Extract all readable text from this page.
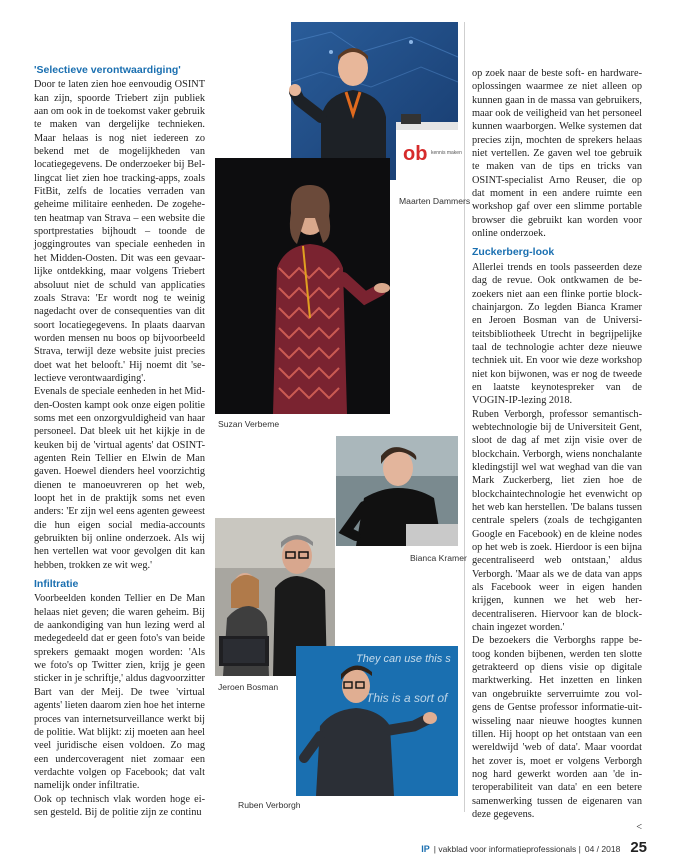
'Selectieve verontwaardiging'

Door te laten zien hoe eenvoudig OSINT kan zijn, spoorde Triebert zijn publiek aan om ook in de toekomst vaker gebruik te maken van dergelijke technieken. Maar helaas is nog niet iedereen zo bekend met de mogelijkheden van locatiegegevens. De onderzoeker bij Bellingcat liet zien hoe tracking-apps, zoals FitBit, zelfs de locaties verraden van geheime militaire eenheden. De zogeheten heatmap van Strava – een website die sportprestaties bijhoudt – toonde de joggingroutes van speciale eenheden in het Midden-Oosten. Dit was een gevaarlijke ontdekking, maar volgens Triebert absoluut niet de schuld van applicaties zoals Strava: 'Er wordt nog te weinig nagedacht over de consequenties van dit soort locatiegegevens. In plaats daarvan worden mensen nu boos op bijvoorbeeld Strava, terwijl deze website juist precies doet wat het belooft.' Hij noemt dit 'selectieve verontwaardiging'.

Evenals de speciale eenheden in het Midden-Oosten kampt ook onze eigen politie soms met een onzorgvuldigheid van haar personeel. Dat bleek uit het kijkje in de keuken bij de 'virtual agents' dat OSINT-agenten Rein Tellier en Elwin de Man gaven. Hoewel dienders heel voorzichtig dienen te manoeuvreren op het web, loopt het in de praktijk soms net even anders: 'Er zijn wel eens agenten geweest die hun eigen social media-accounts gebruikten bij online onderzoek. Als wij hen vertellen wat voor gevolgen dit kan hebben, trokken ze wit weg.'

Infiltratie

Voorbeelden konden Tellier en De Man helaas niet geven; die waren geheim. Bij de aankondiging van hun lezing werd al medegedeeld dat er geen foto's van beide sprekers gemaakt mogen worden: 'Als we foto's op Twitter zien, krijg je geen sticker in je schriftje,' aldus dagvoorzitter Bart van der Meij. De twee 'virtual agents' lieten daarom zien hoe het interne proces van internetsurveillance werkt bij de politie. Wat blijkt: zij moeten aan heel veel juridische eisen voldoen. Zo mag een undercoveragent niet zomaar een verdachte volgen op Facebook; dat valt namelijk onder infiltratie.

Ook op technisch vlak worden hoge eisen gesteld. Bij de politie zijn ze continu

op zoek naar de beste soft- en hardwareoplossingen waarmee ze niet alleen op kunnen gaan in de massa van gebruikers, maar ook de veiligheid van het personeel kunnen waarborgen. Welke systemen dat precies zijn, mochten de sprekers helaas niet vertellen. Ze gaven wel toe gebruik te maken van de tips en tricks van OSINT-specialist Arno Reuser, die op dat moment in een andere ruimte een workshop gaf over een slimme portable browser die gebruikt kan worden voor online onderzoek.

Zuckerberg-look

Allerlei trends en tools passeerden deze dag de revue. Ook ontkwamen de bezoekers niet aan een flinke portie blockchainjargon. Zo legden Bianca Kramer en Jeroen Bosman van de Universiteitsbibliotheek Utrecht in begrijpelijke taal de technologie achter deze nieuwe techniek uit. En voor wie deze workshop niet kon bijwonen, was er nog de tweede en laatste keynotespreker van de VOGIN-IP-lezing 2018.

Ruben Verborgh, professor semantischwebtechnologie bij de Universiteit Gent, sloot de dag af met zijn visie over de blockchain. Verborgh, wiens nonchalante kledingstijl wel wat weghad van die van Mark Zuckerberg, liet zien hoe de blockchaintechnologie het evenwicht op het web kan herstellen. 'De balans tussen centrale spelers (zoals de techgiganten Google en Facebook) en de kleine nodes op het web is zoek. Hierdoor is een bijna gecentraliseerd web ontstaan,' aldus Verborgh. 'Maar als we de data van apps als Facebook weer in eigen handen krijgen, kunnen we het web herdecentraliseren. Hiervoor kan de blockchain ingezet worden.'

De bezoekers die Verborghs rappe betoog konden bijbenen, werden ten slotte getrakteerd op diens visie op digitale marktwerking. Het inzetten en linken van ongebruikte serverruimte zou volgens de Gentse professor informatie-uitwisseling naar nieuwe hoogtes kunnen tillen. Hij hoopt op het ontstaan van een wereldwijd 'web of data'. Maar voordat het zover is, moet er volgens Verborgh nog hard gewerkt worden aan 'de interoperabiliteit van data' en een betere samenwerking tussen de eigenaren van deze gegevens.

<

ob kennis maken
Maarten Dammers
Suzan Verbeme
Bianca Kramer
Jeroen Bosman
They can use this s
This is a sort of
Ruben Verborgh
IP | vakblad voor informatieprofessionals | 04 / 2018 25
